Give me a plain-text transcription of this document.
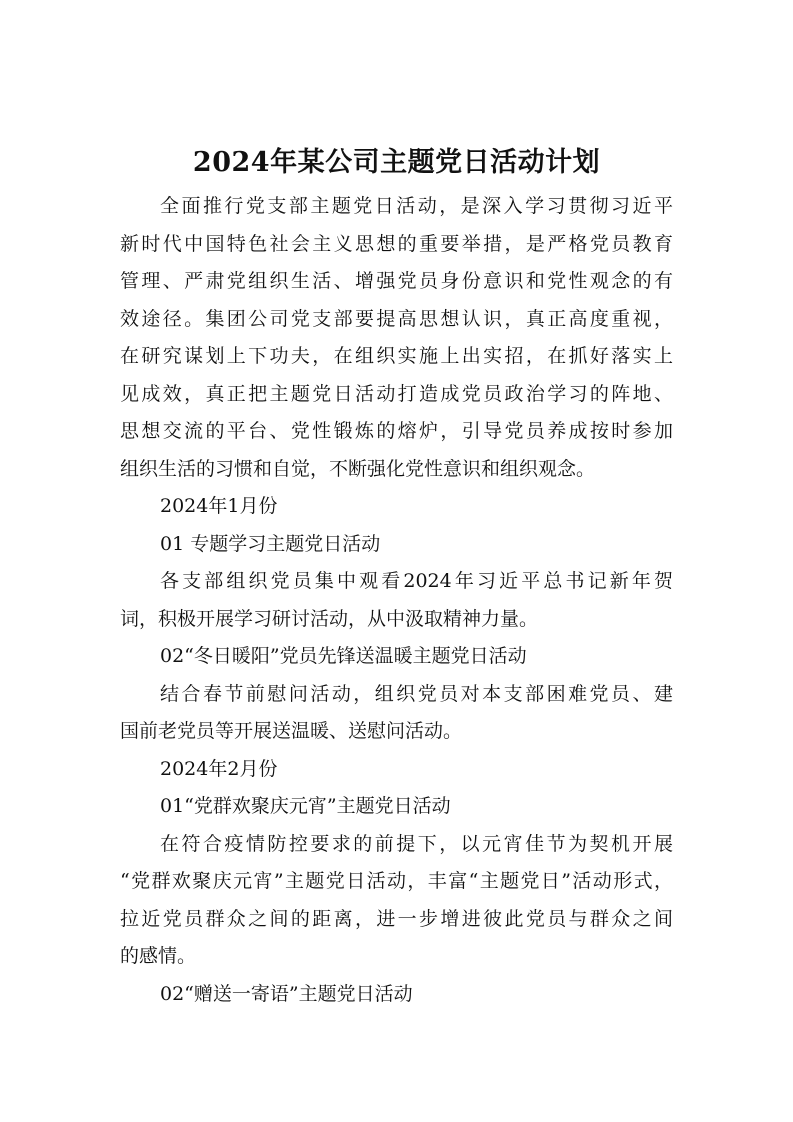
2024年某公司主题党日活动计划
全面推行党支部主题党日活动，是深入学习贯彻习近平
新时代中国特色社会主义思想的重要举措，是严格党员教育
管理、严肃党组织生活、增强党员身份意识和党性观念的有
效途径。集团公司党支部要提高思想认识，真正高度重视，
在研究谋划上下功夫，在组织实施上出实招，在抓好落实上
见成效，真正把主题党日活动打造成党员政治学习的阵地、
思想交流的平台、党性锻炼的熔炉，引导党员养成按时参加
组织生活的习惯和自觉，不断强化党性意识和组织观念。
2024年1月份
01 专题学习主题党日活动
各支部组织党员集中观看2024年习近平总书记新年贺
词，积极开展学习研讨活动，从中汲取精神力量。
02“冬日暖阳”党员先锋送温暖主题党日活动
结合春节前慰问活动，组织党员对本支部困难党员、建
国前老党员等开展送温暖、送慰问活动。
2024年2月份
01“党群欢聚庆元宵”主题党日活动
在符合疫情防控要求的前提下，以元宵佳节为契机开展
“党群欢聚庆元宵”主题党日活动，丰富“主题党日”活动形式，
拉近党员群众之间的距离，进一步增进彼此党员与群众之间
的感情。
02“赠送一寄语”主题党日活动
